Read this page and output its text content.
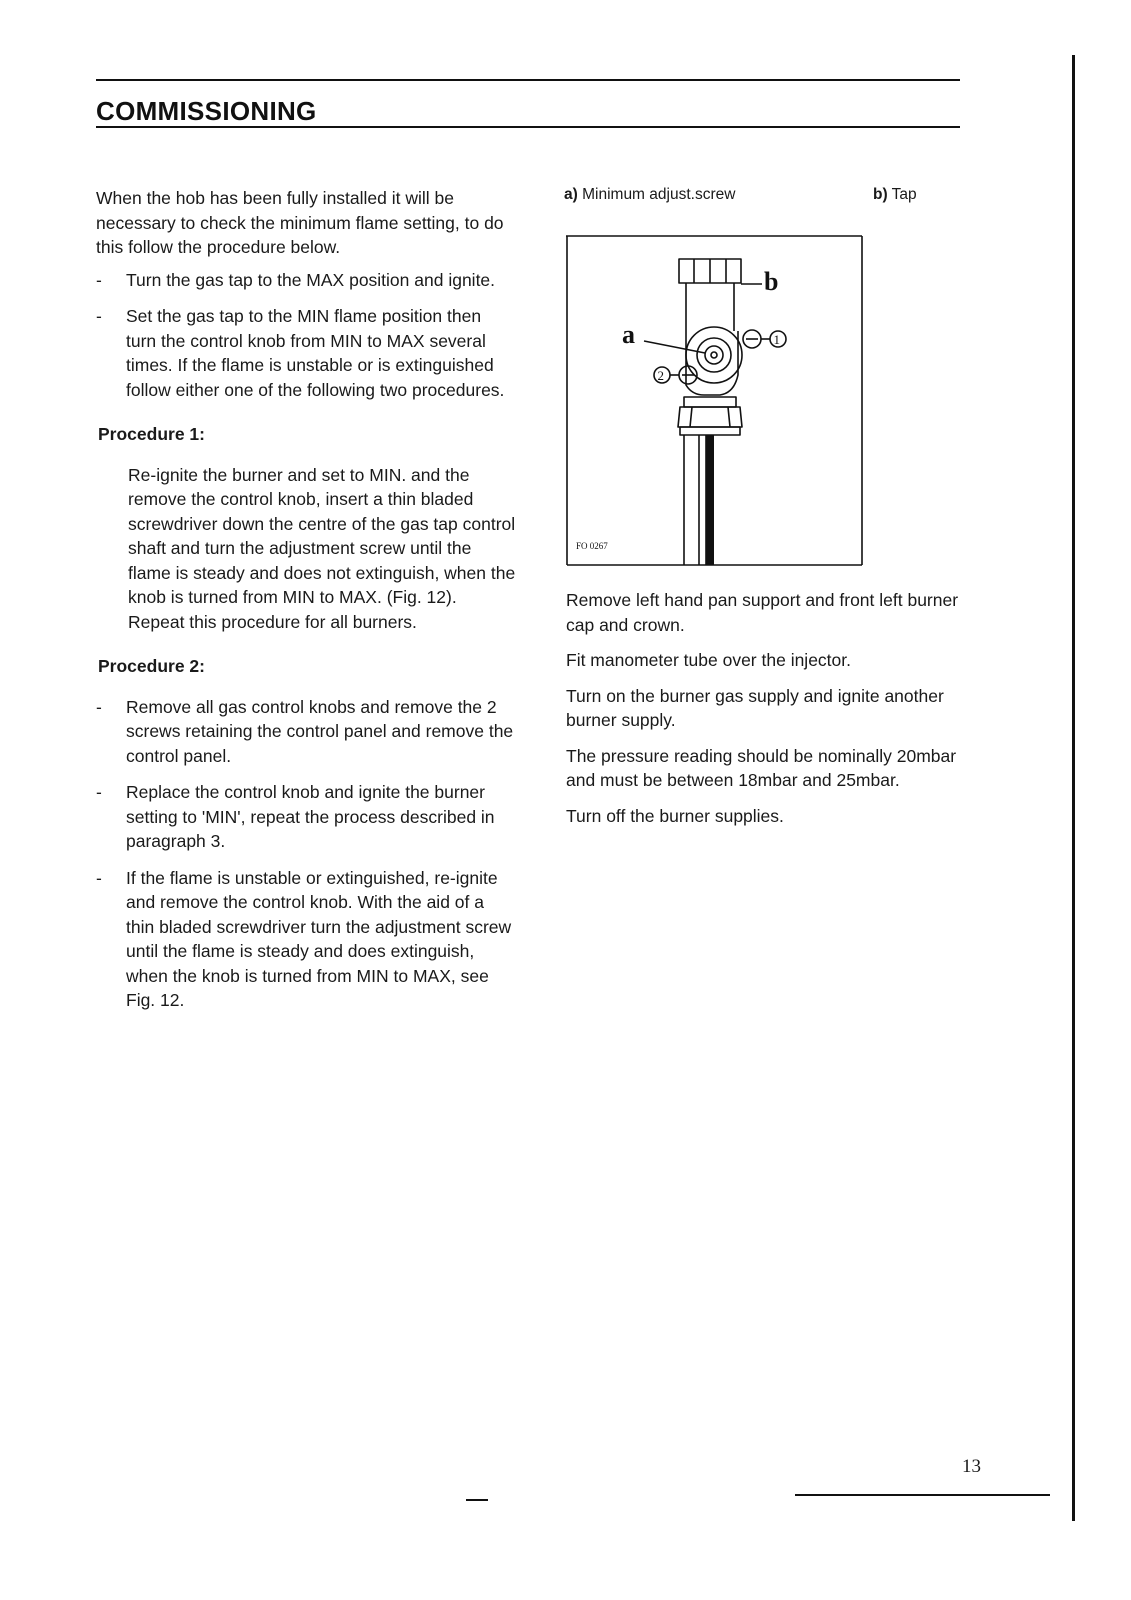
COMMISSIONING

When the hob has been fully installed it will be necessary to check the minimum flame setting, to do this follow the procedure below.

- Turn the gas tap to the MAX position and ignite.
- Set the gas tap to the MIN flame position then turn the control knob from MIN to MAX several times. If the flame is unstable or is extinguished follow either one of the following two procedures.

Procedure 1:

Re-ignite the burner and set to MIN. and the remove the control knob, insert a thin bladed screwdriver down the centre of the gas tap control shaft and turn the adjustment screw until the flame is steady and does not extinguish, when the knob is turned from MIN to MAX. (Fig. 12). Repeat this procedure for all burners.

Procedure 2:

- Remove all gas control knobs and remove the 2 screws retaining the control panel and remove the control panel.
- Replace the control knob and ignite the burner setting to 'MIN', repeat the process described in paragraph 3.
- If the flame is unstable or extinguished, re-ignite and remove the control knob. With the aid of a thin bladed screwdriver turn the adjustment screw until the flame is steady and does extinguish, when the knob is turned from MIN to MAX, see Fig. 12.
a) Minimum adjust.screw	b) Tap
b
a	1
2
FO 0267

Remove left hand pan support and front left burner cap and crown.

Fit manometer tube over the injector.

Turn on the burner gas supply and ignite another burner supply.

The pressure reading should be nominally 20mbar and must be between 18mbar and 25mbar.

Turn off the burner supplies.

13
